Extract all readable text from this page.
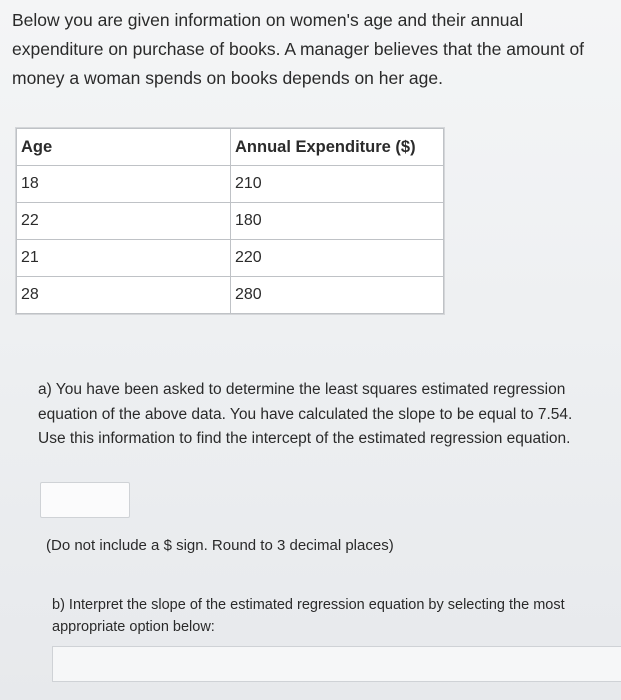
Below you are given information on women's age and their annual expenditure on purchase of books. A manager believes that the amount of money a woman spends on books depends on her age.
Age	Annual Expenditure ($)
18	210
22	180
21	220
28	280
a) You have been asked to determine the least squares estimated regression equation of the above data. You have calculated the slope to be equal to 7.54. Use this information to find the intercept of the estimated regression equation.
(Do not include a $ sign. Round to 3 decimal places)
b) Interpret the slope of the estimated regression equation by selecting the most appropriate option below:
